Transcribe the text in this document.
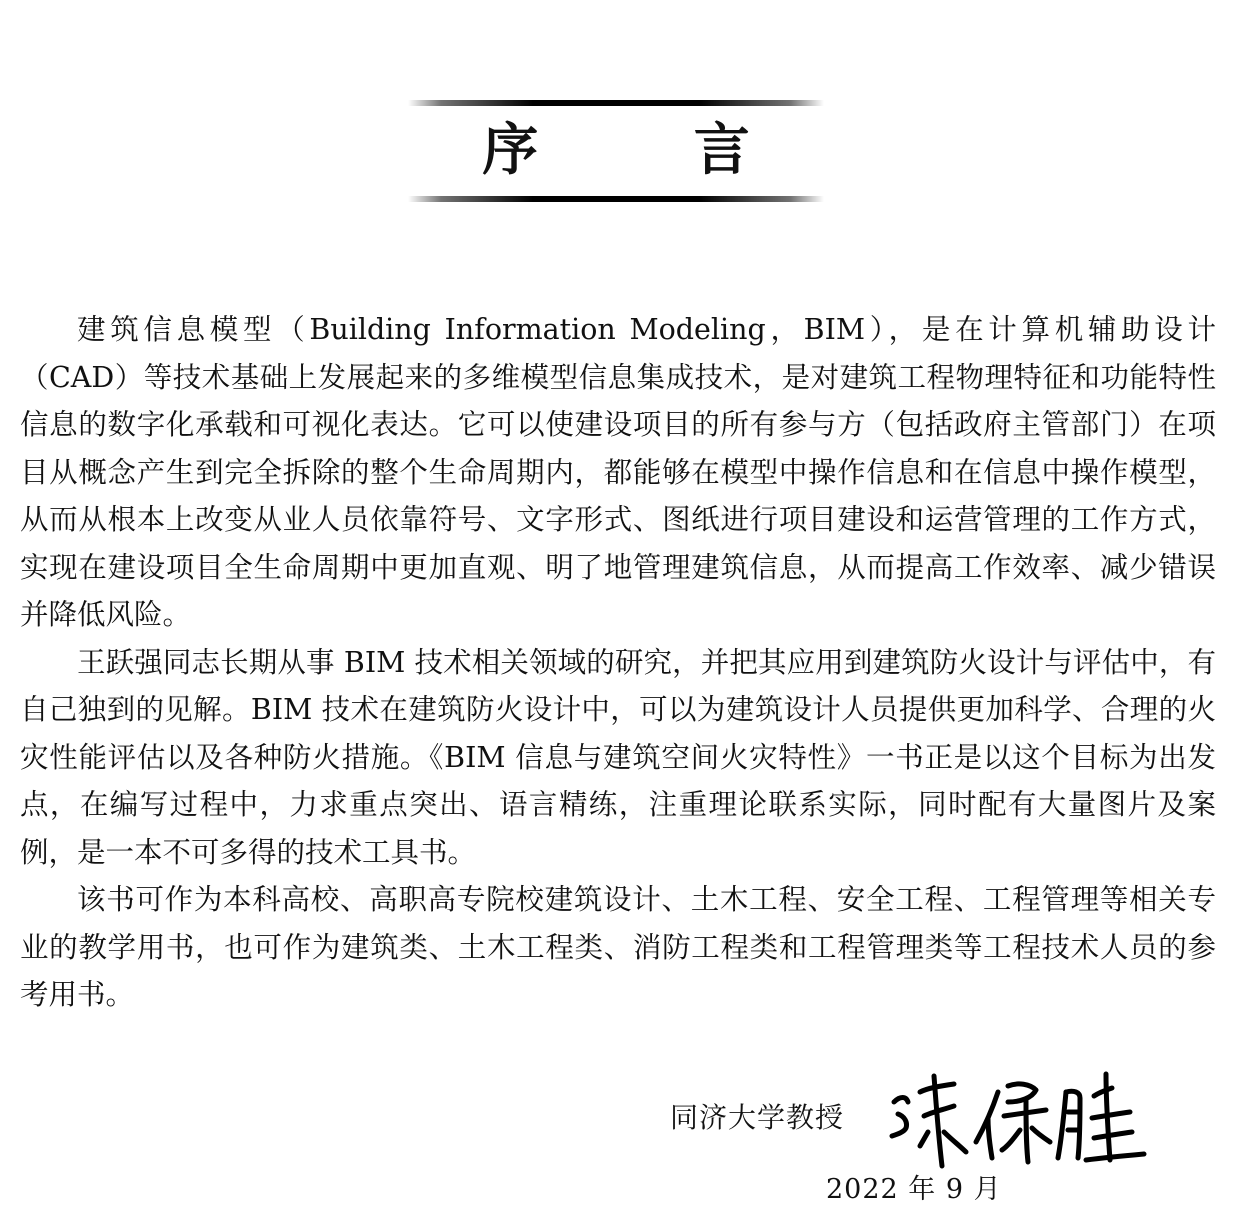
序 言

建筑信息模型（Building Information Modeling，BIM），是在计算机辅助设计（CAD）等技术基础上发展起来的多维模型信息集成技术，是对建筑工程物理特征和功能特性信息的数字化承载和可视化表达。它可以使建设项目的所有参与方（包括政府主管部门）在项目从概念产生到完全拆除的整个生命周期内，都能够在模型中操作信息和在信息中操作模型，从而从根本上改变从业人员依靠符号、文字形式、图纸进行项目建设和运营管理的工作方式，实现在建设项目全生命周期中更加直观、明了地管理建筑信息，从而提高工作效率、减少错误并降低风险。

王跃强同志长期从事 BIM 技术相关领域的研究，并把其应用到建筑防火设计与评估中，有自己独到的见解。BIM 技术在建筑防火设计中，可以为建筑设计人员提供更加科学、合理的火灾性能评估以及各种防火措施。《BIM 信息与建筑空间火灾特性》一书正是以这个目标为出发点，在编写过程中，力求重点突出、语言精练，注重理论联系实际，同时配有大量图片及案例，是一本不可多得的技术工具书。

该书可作为本科高校、高职高专院校建筑设计、土木工程、安全工程、工程管理等相关专业的教学用书，也可作为建筑类、土木工程类、消防工程类和工程管理类等工程技术人员的参考用书。

同济大学教授
2022 年 9 月
